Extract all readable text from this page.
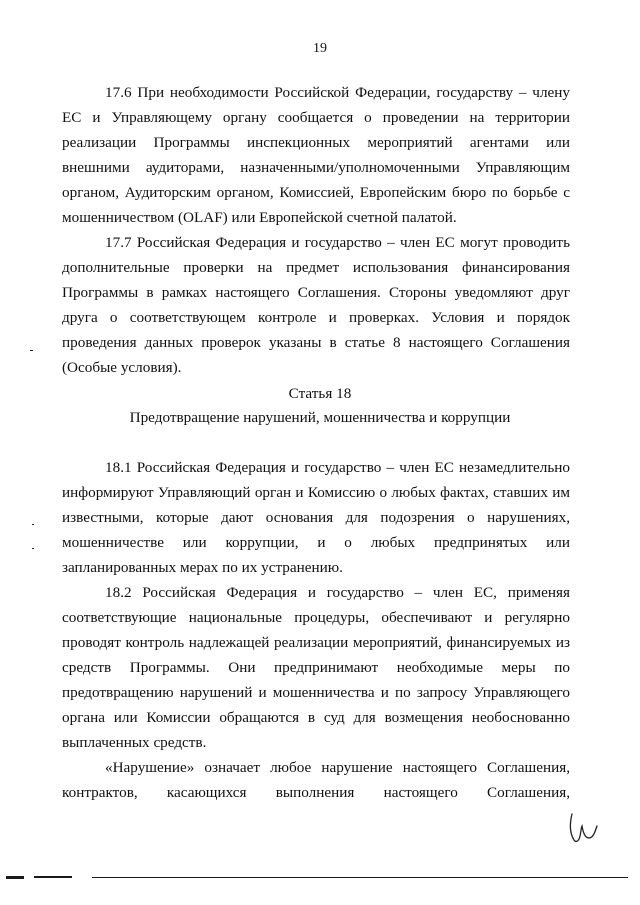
19

17.6 При необходимости Российской Федерации, государству – члену ЕС и Управляющему органу сообщается о проведении на территории реализации Программы инспекционных мероприятий агентами или внешними аудиторами, назначенными/уполномоченными Управляющим органом, Аудиторским органом, Комиссией, Европейским бюро по борьбе с мошенничеством (OLAF) или Европейской счетной палатой.

17.7 Российская Федерация и государство – член ЕС могут проводить дополнительные проверки на предмет использования финансирования Программы в рамках настоящего Соглашения. Стороны уведомляют друг друга о соответствующем контроле и проверках. Условия и порядок проведения данных проверок указаны в статье 8 настоящего Соглашения (Особые условия).

Статья 18
Предотвращение нарушений, мошенничества и коррупции

18.1 Российская Федерация и государство – член ЕС незамедлительно информируют Управляющий орган и Комиссию о любых фактах, ставших им известными, которые дают основания для подозрения о нарушениях, мошенничестве или коррупции, и о любых предпринятых или запланированных мерах по их устранению.

18.2 Российская Федерация и государство – член ЕС, применяя соответствующие национальные процедуры, обеспечивают и регулярно проводят контроль надлежащей реализации мероприятий, финансируемых из средств Программы. Они предпринимают необходимые меры по предотвращению нарушений и мошенничества и по запросу Управляющего органа или Комиссии обращаются в суд для возмещения необоснованно выплаченных средств.

«Нарушение» означает любое нарушение настоящего Соглашения, контрактов, касающихся выполнения настоящего Соглашения,
